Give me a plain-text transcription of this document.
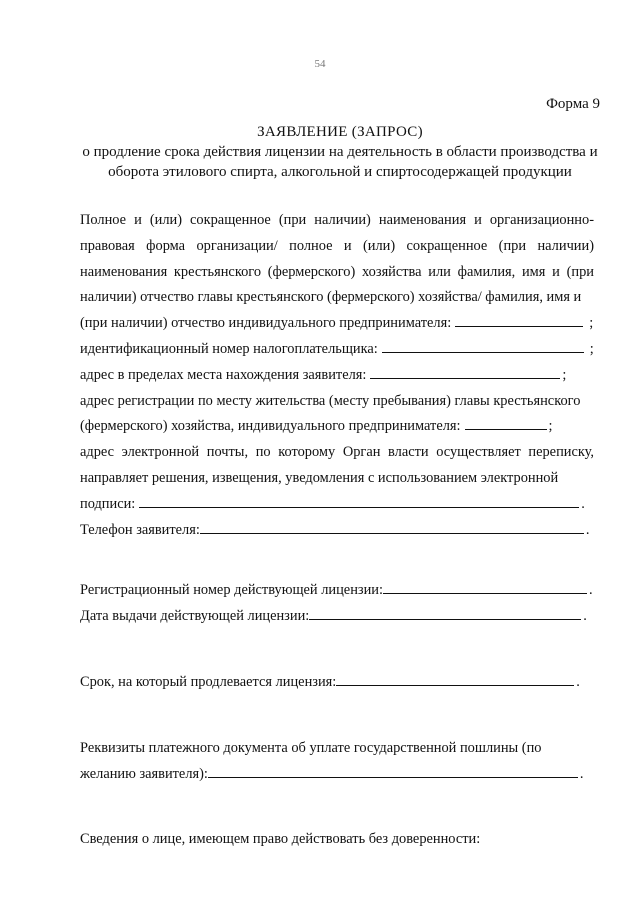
54
Форма 9
ЗАЯВЛЕНИЕ (ЗАПРОС)
о продление срока действия лицензии на деятельность в области производства и
оборота этилового спирта, алкогольной и спиртосодержащей продукции

Полное и (или) сокращенное (при наличии) наименования и организационно-правовая форма организации/ полное и (или) сокращенное (при наличии) наименования крестьянского (фермерского) хозяйства или фамилия, имя и (при наличии) отчество главы крестьянского (фермерского) хозяйства/ фамилия, имя и

(при наличии) отчество индивидуального предпринимателя:	;
идентификационный номер налогоплательщика:	;
адрес в пределах места нахождения заявителя:	;

адрес регистрации по месту жительства (месту пребывания) главы крестьянского

(фермерского) хозяйства, индивидуального предпринимателя:	;

адрес электронной почты, по которому Орган власти осуществляет переписку, направляет решения, извещения, уведомления с использованием электронной

подписи:	.
Телефон заявителя:	.
Регистрационный номер действующей лицензии:	.
Дата выдачи действующей лицензии:	.
Срок, на который продлевается лицензия:	.

Реквизиты платежного документа об уплате государственной пошлины (по

желанию заявителя):	.

Сведения о лице, имеющем право действовать без доверенности:
